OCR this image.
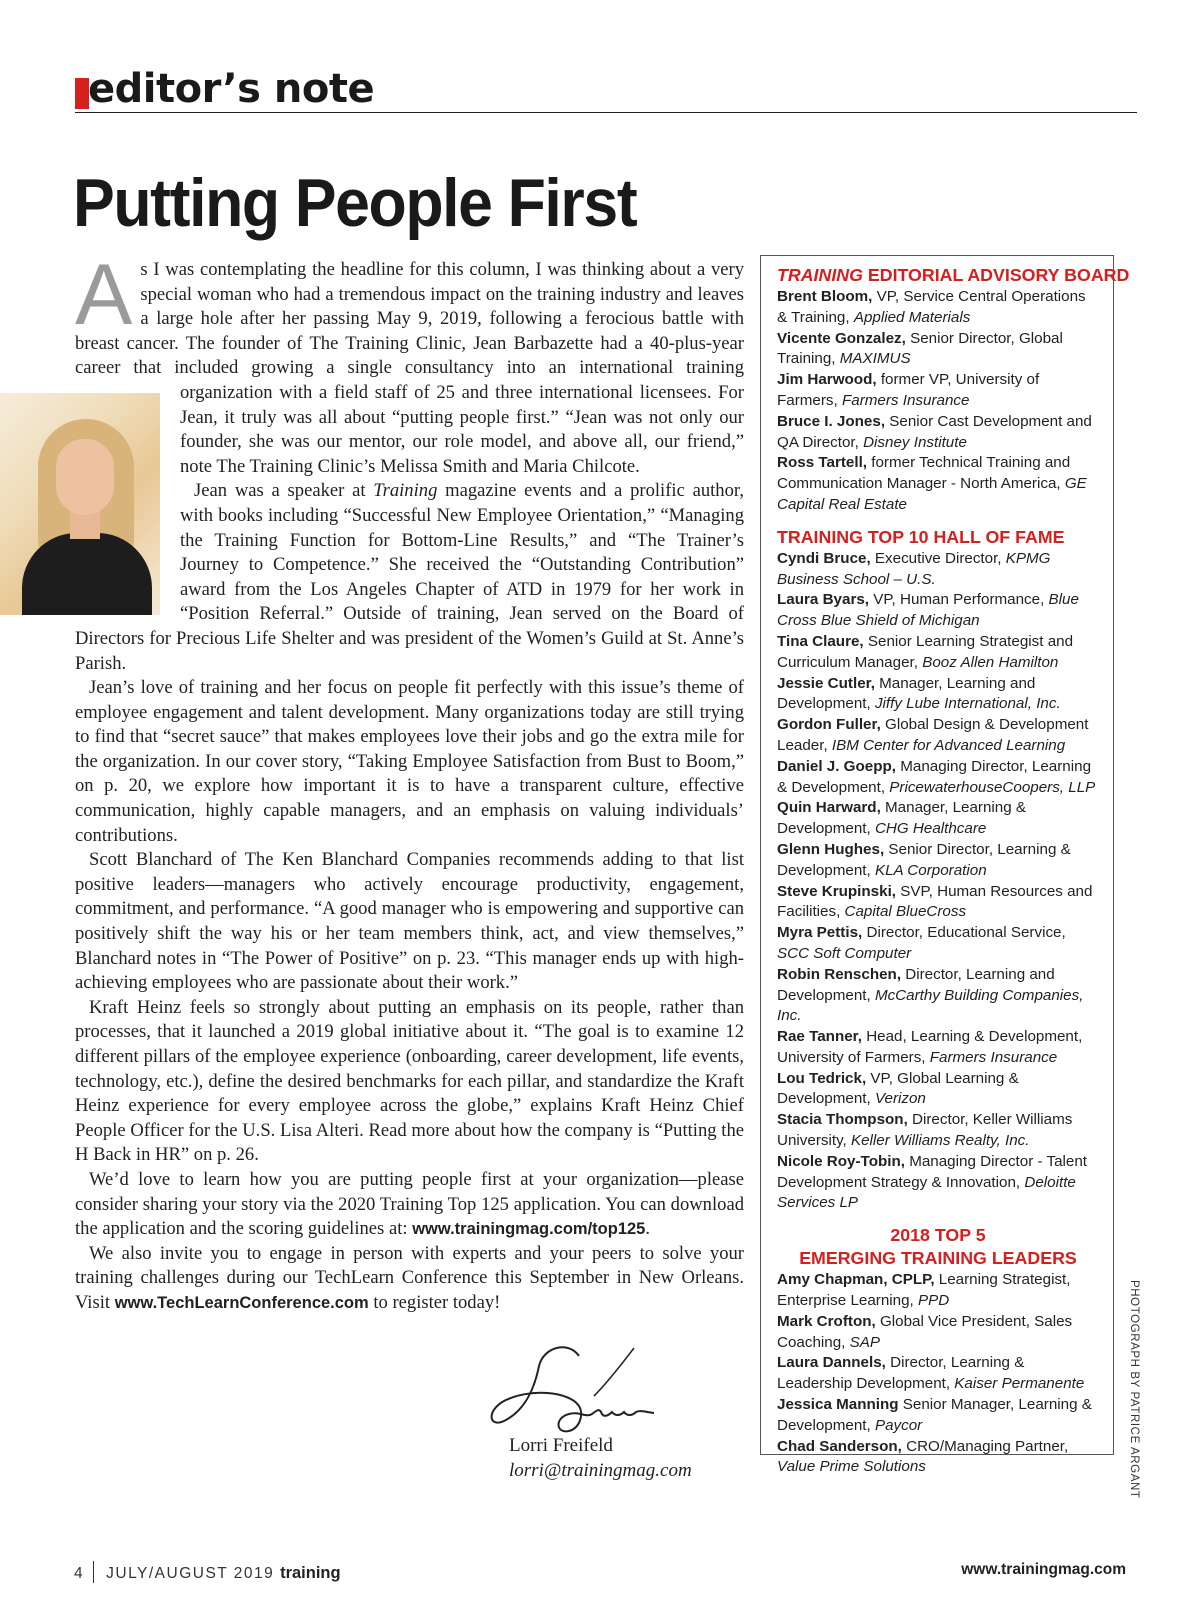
editor’s note
Putting People First

As I was contemplating the headline for this column, I was thinking about a very special woman who had a tremendous impact on the training industry and leaves a large hole after her passing May 9, 2019, following a ferocious battle with breast cancer. The founder of The Training Clinic, Jean Barbazette had a 40-plus-year career that included growing a single consultancy into an international training organization with a field staff of 25 and three international
licensees. For Jean, it truly was all about “putting people first.” “Jean was not only our founder, she was our mentor, our role model, and above all, our friend,” note The Training Clinic’s Melissa Smith and Maria Chilcote.

Jean was a speaker at Training magazine events and a prolific author, with books including “Successful New Employee Orientation,” “Managing the Training Function for Bottom-Line Results,” and “The Trainer’s Journey to Competence.” She received the “Outstanding Contribution” award from the Los Angeles Chapter of ATD in 1979 for her work in “Position Referral.” Outside of training, Jean served on the Board of Directors for Precious Life Shelter and was president of the Women’s Guild at St. Anne’s Parish.

Jean’s love of training and her focus on people fit perfectly with this issue’s theme of employee engagement and talent development. Many organizations today are still trying to find that “secret sauce” that makes employees love their jobs and go the extra mile for the organization. In our cover story, “Taking Employee Satisfaction from Bust to Boom,” on p. 20, we explore how important it is to have a transparent culture, effective communication, highly capable managers, and an emphasis on valuing individuals’ contributions.

Scott Blanchard of The Ken Blanchard Companies recommends adding to that list positive leaders—managers who actively encourage productivity, engagement, commitment, and performance. “A good manager who is empowering and supportive can positively shift the way his or her team members think, act, and view themselves,” Blanchard notes in “The Power of Positive” on p. 23. “This manager ends up with high-achieving employees who are passionate about their work.”

Kraft Heinz feels so strongly about putting an emphasis on its people, rather than processes, that it launched a 2019 global initiative about it. “The goal is to examine 12 different pillars of the employee experience (onboarding, career development, life events, technology, etc.), define the desired benchmarks for each pillar, and standardize the Kraft Heinz experience for every employee across the globe,” explains Kraft Heinz Chief People Officer for the U.S. Lisa Alteri. Read more about how the company is “Putting the H Back in HR” on p. 26.

We’d love to learn how you are putting people first at your organization—please consider sharing your story via the 2020 Training Top 125 application. You can download the application and the scoring guidelines at: www.trainingmag.com/top125.

We also invite you to engage in person with experts and your peers to solve your training challenges during our TechLearn Conference this September in New Orleans. Visit www.TechLearnConference.com to register today!

Lorri Freifeld
lorri@trainingmag.com
TRAINING EDITORIAL ADVISORY BOARD
Brent Bloom, VP, Service Central Operations & Training, Applied Materials
Vicente Gonzalez, Senior Director, Global Training, MAXIMUS
Jim Harwood, former VP, University of Farmers, Farmers Insurance
Bruce I. Jones, Senior Cast Development and QA Director, Disney Institute
Ross Tartell, former Technical Training and Communication Manager - North America, GE Capital Real Estate
TRAINING TOP 10 HALL OF FAME
Cyndi Bruce, Executive Director, KPMG Business School – U.S.
Laura Byars, VP, Human Performance, Blue Cross Blue Shield of Michigan
Tina Claure, Senior Learning Strategist and Curriculum Manager, Booz Allen Hamilton
Jessie Cutler, Manager, Learning and Development, Jiffy Lube International, Inc.
Gordon Fuller, Global Design & Development Leader, IBM Center for Advanced Learning
Daniel J. Goepp, Managing Director, Learning & Development, PricewaterhouseCoopers, LLP
Quin Harward, Manager, Learning & Development, CHG Healthcare
Glenn Hughes, Senior Director, Learning & Development, KLA Corporation
Steve Krupinski, SVP, Human Resources and Facilities, Capital BlueCross
Myra Pettis, Director, Educational Service, SCC Soft Computer
Robin Renschen, Director, Learning and Development, McCarthy Building Companies, Inc.
Rae Tanner, Head, Learning & Development, University of Farmers, Farmers Insurance
Lou Tedrick, VP, Global Learning & Development, Verizon
Stacia Thompson, Director, Keller Williams University, Keller Williams Realty, Inc.
Nicole Roy-Tobin, Managing Director - Talent Development Strategy & Innovation, Deloitte Services LP
2018 TOP 5
EMERGING TRAINING LEADERS
Amy Chapman, CPLP, Learning Strategist, Enterprise Learning, PPD
Mark Crofton, Global Vice President, Sales Coaching, SAP
Laura Dannels, Director, Learning & Leadership Development, Kaiser Permanente
Jessica Manning Senior Manager, Learning & Development, Paycor
Chad Sanderson, CRO/Managing Partner, Value Prime Solutions	PHOTOGRAPH BY PATRICE ARGANT
4 JULY/AUGUST 2019 training	www.trainingmag.com
